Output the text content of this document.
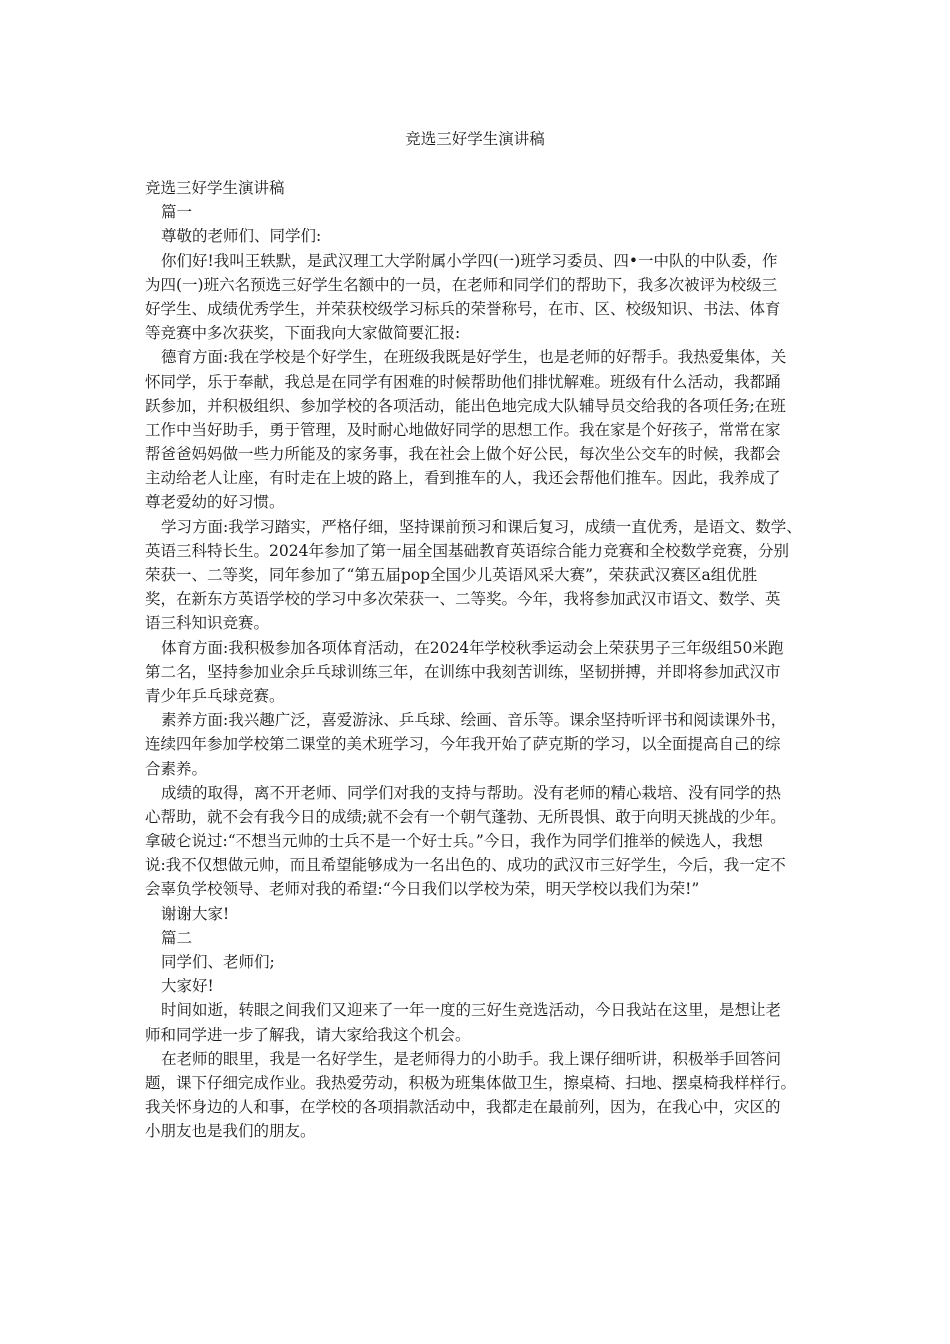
竞选三好学生演讲稿
竞选三好学生演讲稿
篇一
尊敬的老师们、同学们:
你们好!我叫王轶默，是武汉理工大学附属小学四(一)班学习委员、四•一中队的中队委，作
为四(一)班六名预选三好学生名额中的一员，在老师和同学们的帮助下，我多次被评为校级三
好学生、成绩优秀学生，并荣获校级学习标兵的荣誉称号，在市、区、校级知识、书法、体育
等竞赛中多次获奖，下面我向大家做简要汇报:
德育方面:我在学校是个好学生，在班级我既是好学生，也是老师的好帮手。我热爱集体，关
怀同学，乐于奉献，我总是在同学有困难的时候帮助他们排忧解难。班级有什么活动，我都踊
跃参加，并积极组织、参加学校的各项活动，能出色地完成大队辅导员交给我的各项任务;在班
工作中当好助手，勇于管理，及时耐心地做好同学的思想工作。我在家是个好孩子，常常在家
帮爸爸妈妈做一些力所能及的家务事，我在社会上做个好公民，每次坐公交车的时候，我都会
主动给老人让座，有时走在上坡的路上，看到推车的人，我还会帮他们推车。因此，我养成了
尊老爱幼的好习惯。
学习方面:我学习踏实，严格仔细，坚持课前预习和课后复习，成绩一直优秀，是语文、数学、
英语三科特长生。2024年参加了第一届全国基础教育英语综合能力竞赛和全校数学竞赛，分别
荣获一、二等奖，同年参加了“第五届pop全国少儿英语风采大赛”，荣获武汉赛区a组优胜
奖，在新东方英语学校的学习中多次荣获一、二等奖。今年，我将参加武汉市语文、数学、英
语三科知识竞赛。
体育方面:我积极参加各项体育活动，在2024年学校秋季运动会上荣获男子三年级组50米跑
第二名，坚持参加业余乒乓球训练三年，在训练中我刻苦训练，坚韧拼搏，并即将参加武汉市
青少年乒乓球竞赛。
素养方面:我兴趣广泛，喜爱游泳、乒乓球、绘画、音乐等。课余坚持听评书和阅读课外书，
连续四年参加学校第二课堂的美术班学习，今年我开始了萨克斯的学习，以全面提高自己的综
合素养。
成绩的取得，离不开老师、同学们对我的支持与帮助。没有老师的精心栽培、没有同学的热
心帮助，就不会有我今日的成绩;就不会有一个朝气蓬勃、无所畏惧、敢于向明天挑战的少年。
拿破仑说过:“不想当元帅的士兵不是一个好士兵。”今日，我作为同学们推举的候选人，我想
说:我不仅想做元帅，而且希望能够成为一名出色的、成功的武汉市三好学生，今后，我一定不
会辜负学校领导、老师对我的希望:“今日我们以学校为荣，明天学校以我们为荣!”
谢谢大家!
篇二
同学们、老师们;
大家好!
时间如逝，转眼之间我们又迎来了一年一度的三好生竞选活动，今日我站在这里，是想让老
师和同学进一步了解我，请大家给我这个机会。
在老师的眼里，我是一名好学生，是老师得力的小助手。我上课仔细听讲，积极举手回答问
题，课下仔细完成作业。我热爱劳动，积极为班集体做卫生，擦桌椅、扫地、摆桌椅我样样行。
我关怀身边的人和事，在学校的各项捐款活动中，我都走在最前列，因为，在我心中，灾区的
小朋友也是我们的朋友。
